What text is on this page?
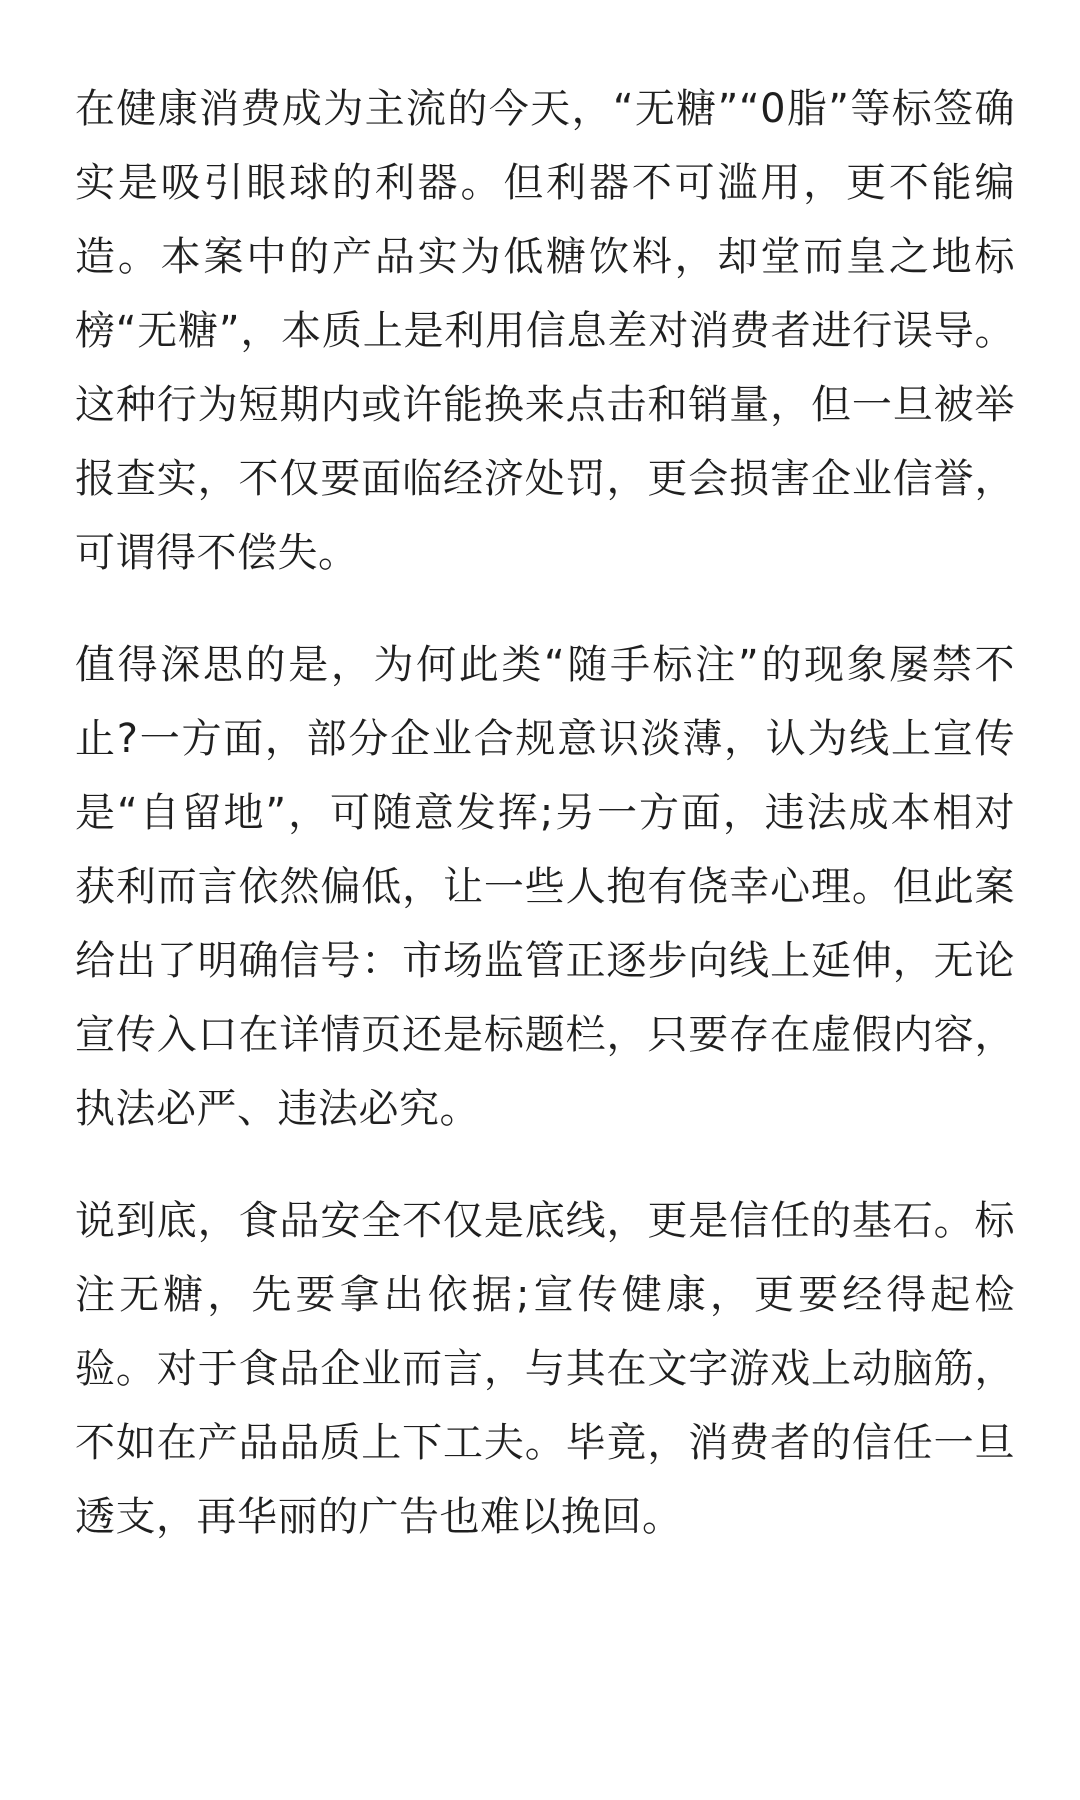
在健康消费成为主流的今天，“无糖”“0脂”等标签确实是吸引眼球的利器。但利器不可滥用，更不能编造。本案中的产品实为低糖饮料，却堂而皇之地标榜“无糖”，本质上是利用信息差对消费者进行误导。这种行为短期内或许能换来点击和销量，但一旦被举报查实，不仅要面临经济处罚，更会损害企业信誉，可谓得不偿失。

值得深思的是，为何此类“随手标注”的现象屡禁不止?一方面，部分企业合规意识淡薄，认为线上宣传是“自留地”，可随意发挥;另一方面，违法成本相对获利而言依然偏低，让一些人抱有侥幸心理。但此案给出了明确信号：市场监管正逐步向线上延伸，无论宣传入口在详情页还是标题栏，只要存在虚假内容，执法必严、违法必究。

说到底，食品安全不仅是底线，更是信任的基石。标注无糖，先要拿出依据;宣传健康，更要经得起检验。对于食品企业而言，与其在文字游戏上动脑筋，不如在产品品质上下工夫。毕竟，消费者的信任一旦透支，再华丽的广告也难以挽回。
